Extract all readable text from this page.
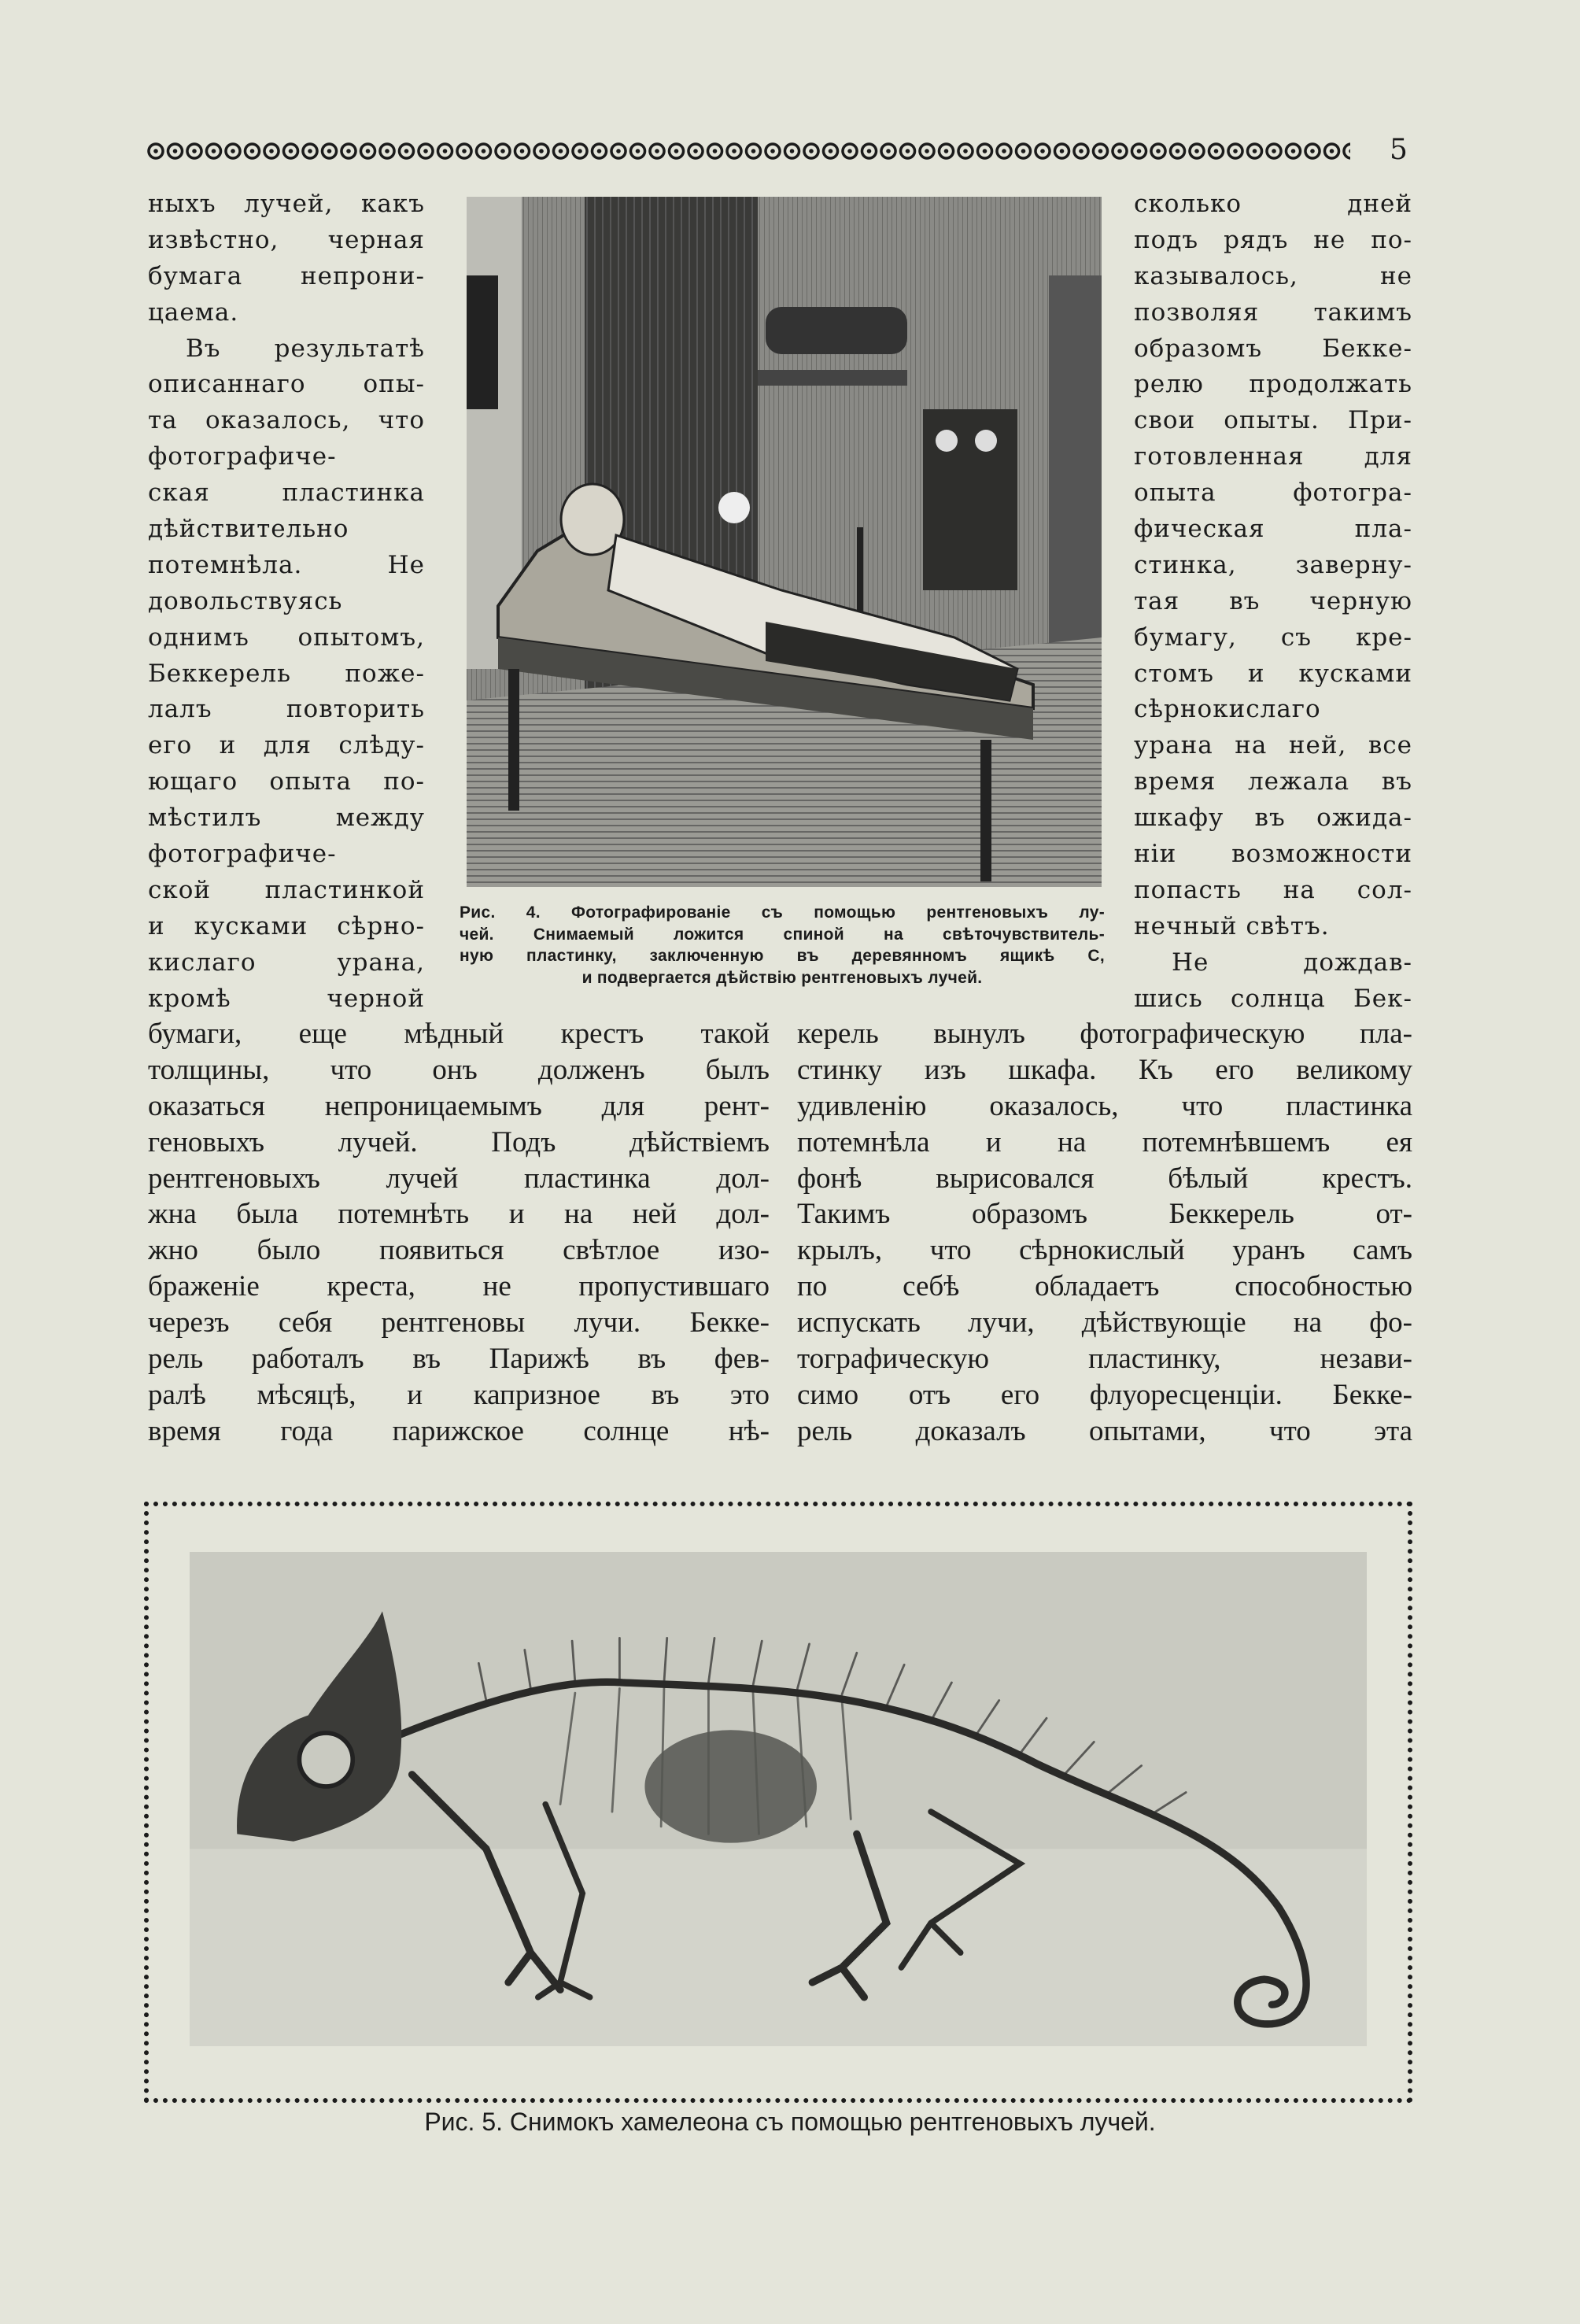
5
ныхъ лучей, какъ
извѣстно, черная
бумага непрони-
цаема.
Въ результатѣ
описаннаго опы-
та оказалось, что
фотографиче-
ская пластинка
дѣйствительно
потемнѣла. Не
довольствуясь
однимъ опытомъ,
Беккерель поже-
лалъ повторить
его и для слѣду-
ющаго опыта по-
мѣстилъ между
фотографиче-
ской пластинкой
и кусками сѣрно-
кислаго урана,
кромѣ черной
сколько дней
подъ рядъ не по-
казывалось, не
позволяя такимъ
образомъ Бекке-
релю продолжать
свои опыты. При-
готовленная для
опыта фотогра-
фическая пла-
стинка, заверну-
тая въ черную
бумагу, съ кре-
стомъ и кусками
сѣрнокислаго
урана на ней, все
время лежала въ
шкафу въ ожида-
нiи возможности
попасть на сол-
нечный свѣтъ.
Не дождав-
шись солнца Бек-
Рис. 4. Фотографированiе съ помощью рентгеновыхъ лу-
чей. Снимаемый ложится спиной на свѣточувствитель-
ную пластинку, заключенную въ деревянномъ ящикѣ C,
и подвергается дѣйствiю рентгеновыхъ лучей.
бумаги, еще мѣдный крестъ такой
толщины, что онъ долженъ былъ
оказаться непроницаемымъ для рент-
геновыхъ лучей. Подъ дѣйствiемъ
рентгеновыхъ лучей пластинка дол-
жна была потемнѣть и на ней дол-
жно было появиться свѣтлое изо-
браженiе креста, не пропустившаго
черезъ себя рентгеновы лучи. Бекке-
рель работалъ въ Парижѣ въ фев-
ралѣ мѣсяцѣ, и капризное въ это
время года парижское солнце нѣ-
керель вынулъ фотографическую пла-
стинку изъ шкафа. Къ его великому
удивленiю оказалось, что пластинка
потемнѣла и на потемнѣвшемъ ея
фонѣ вырисовался бѣлый крестъ.
Такимъ образомъ Беккерель от-
крылъ, что сѣрнокислый уранъ самъ
по себѣ обладаетъ способностью
испускать лучи, дѣйствующiе на фо-
тографическую пластинку, незави-
симо отъ его флуоресценцiи. Бекке-
рель доказалъ опытами, что эта
Рис. 5. Снимокъ хамелеона съ помощью рентгеновыхъ лучей.
